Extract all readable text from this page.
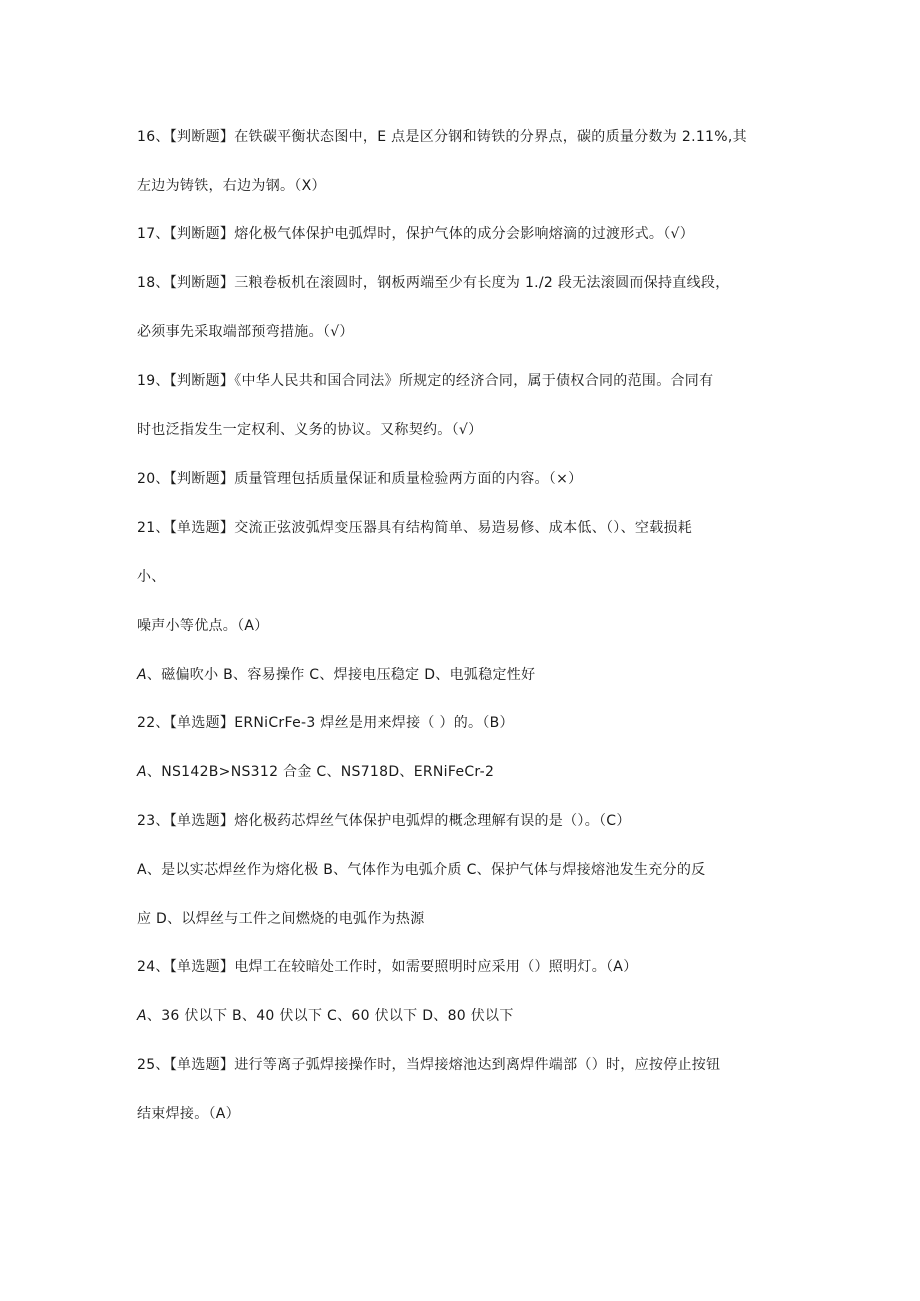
16、【判断题】在铁碳平衡状态图中，E 点是区分钢和铸铁的分界点，碳的质量分数为 2.11%,其
左边为铸铁，右边为钢。（X）
17、【判断题】熔化极气体保护电弧焊时，保护气体的成分会影响熔滴的过渡形式。（√）
18、【判断题】三粮卷板机在滚圆时，钢板两端至少有长度为 1./2 段无法滚圆而保持直线段，
必须事先采取端部预弯措施。（√）
19、【判断题】《中华人民共和国合同法》所规定的经济合同，属于债权合同的范围。合同有
时也泛指发生一定权利、义务的协议。又称契约。（√）
20、【判断题】质量管理包括质量保证和质量检验两方面的内容。（×）
21、【单选题】交流正弦波弧焊变压器具有结构简单、易造易修、成本低、（）、空载损耗
小、
噪声小等优点。（A）
A、磁偏吹小 B、容易操作 C、焊接电压稳定 D、电弧稳定性好
22、【单选题】ERNiCrFe-3 焊丝是用来焊接（ ）的。（B）
A、NS142B>NS312 合金 C、NS718D、ERNiFeCr-2
23、【单选题】熔化极药芯焊丝气体保护电弧焊的概念理解有误的是（）。（C）
A、是以实芯焊丝作为熔化极 B、气体作为电弧介质 C、保护气体与焊接熔池发生充分的反
应 D、以焊丝与工件之间燃烧的电弧作为热源
24、【单选题】电焊工在较暗处工作时，如需要照明时应采用（）照明灯。（A）
A、36 伏以下 B、40 伏以下 C、60 伏以下 D、80 伏以下
25、【单选题】进行等离子弧焊接操作时，当焊接熔池达到离焊件端部（）时，应按停止按钮
结束焊接。（A）
